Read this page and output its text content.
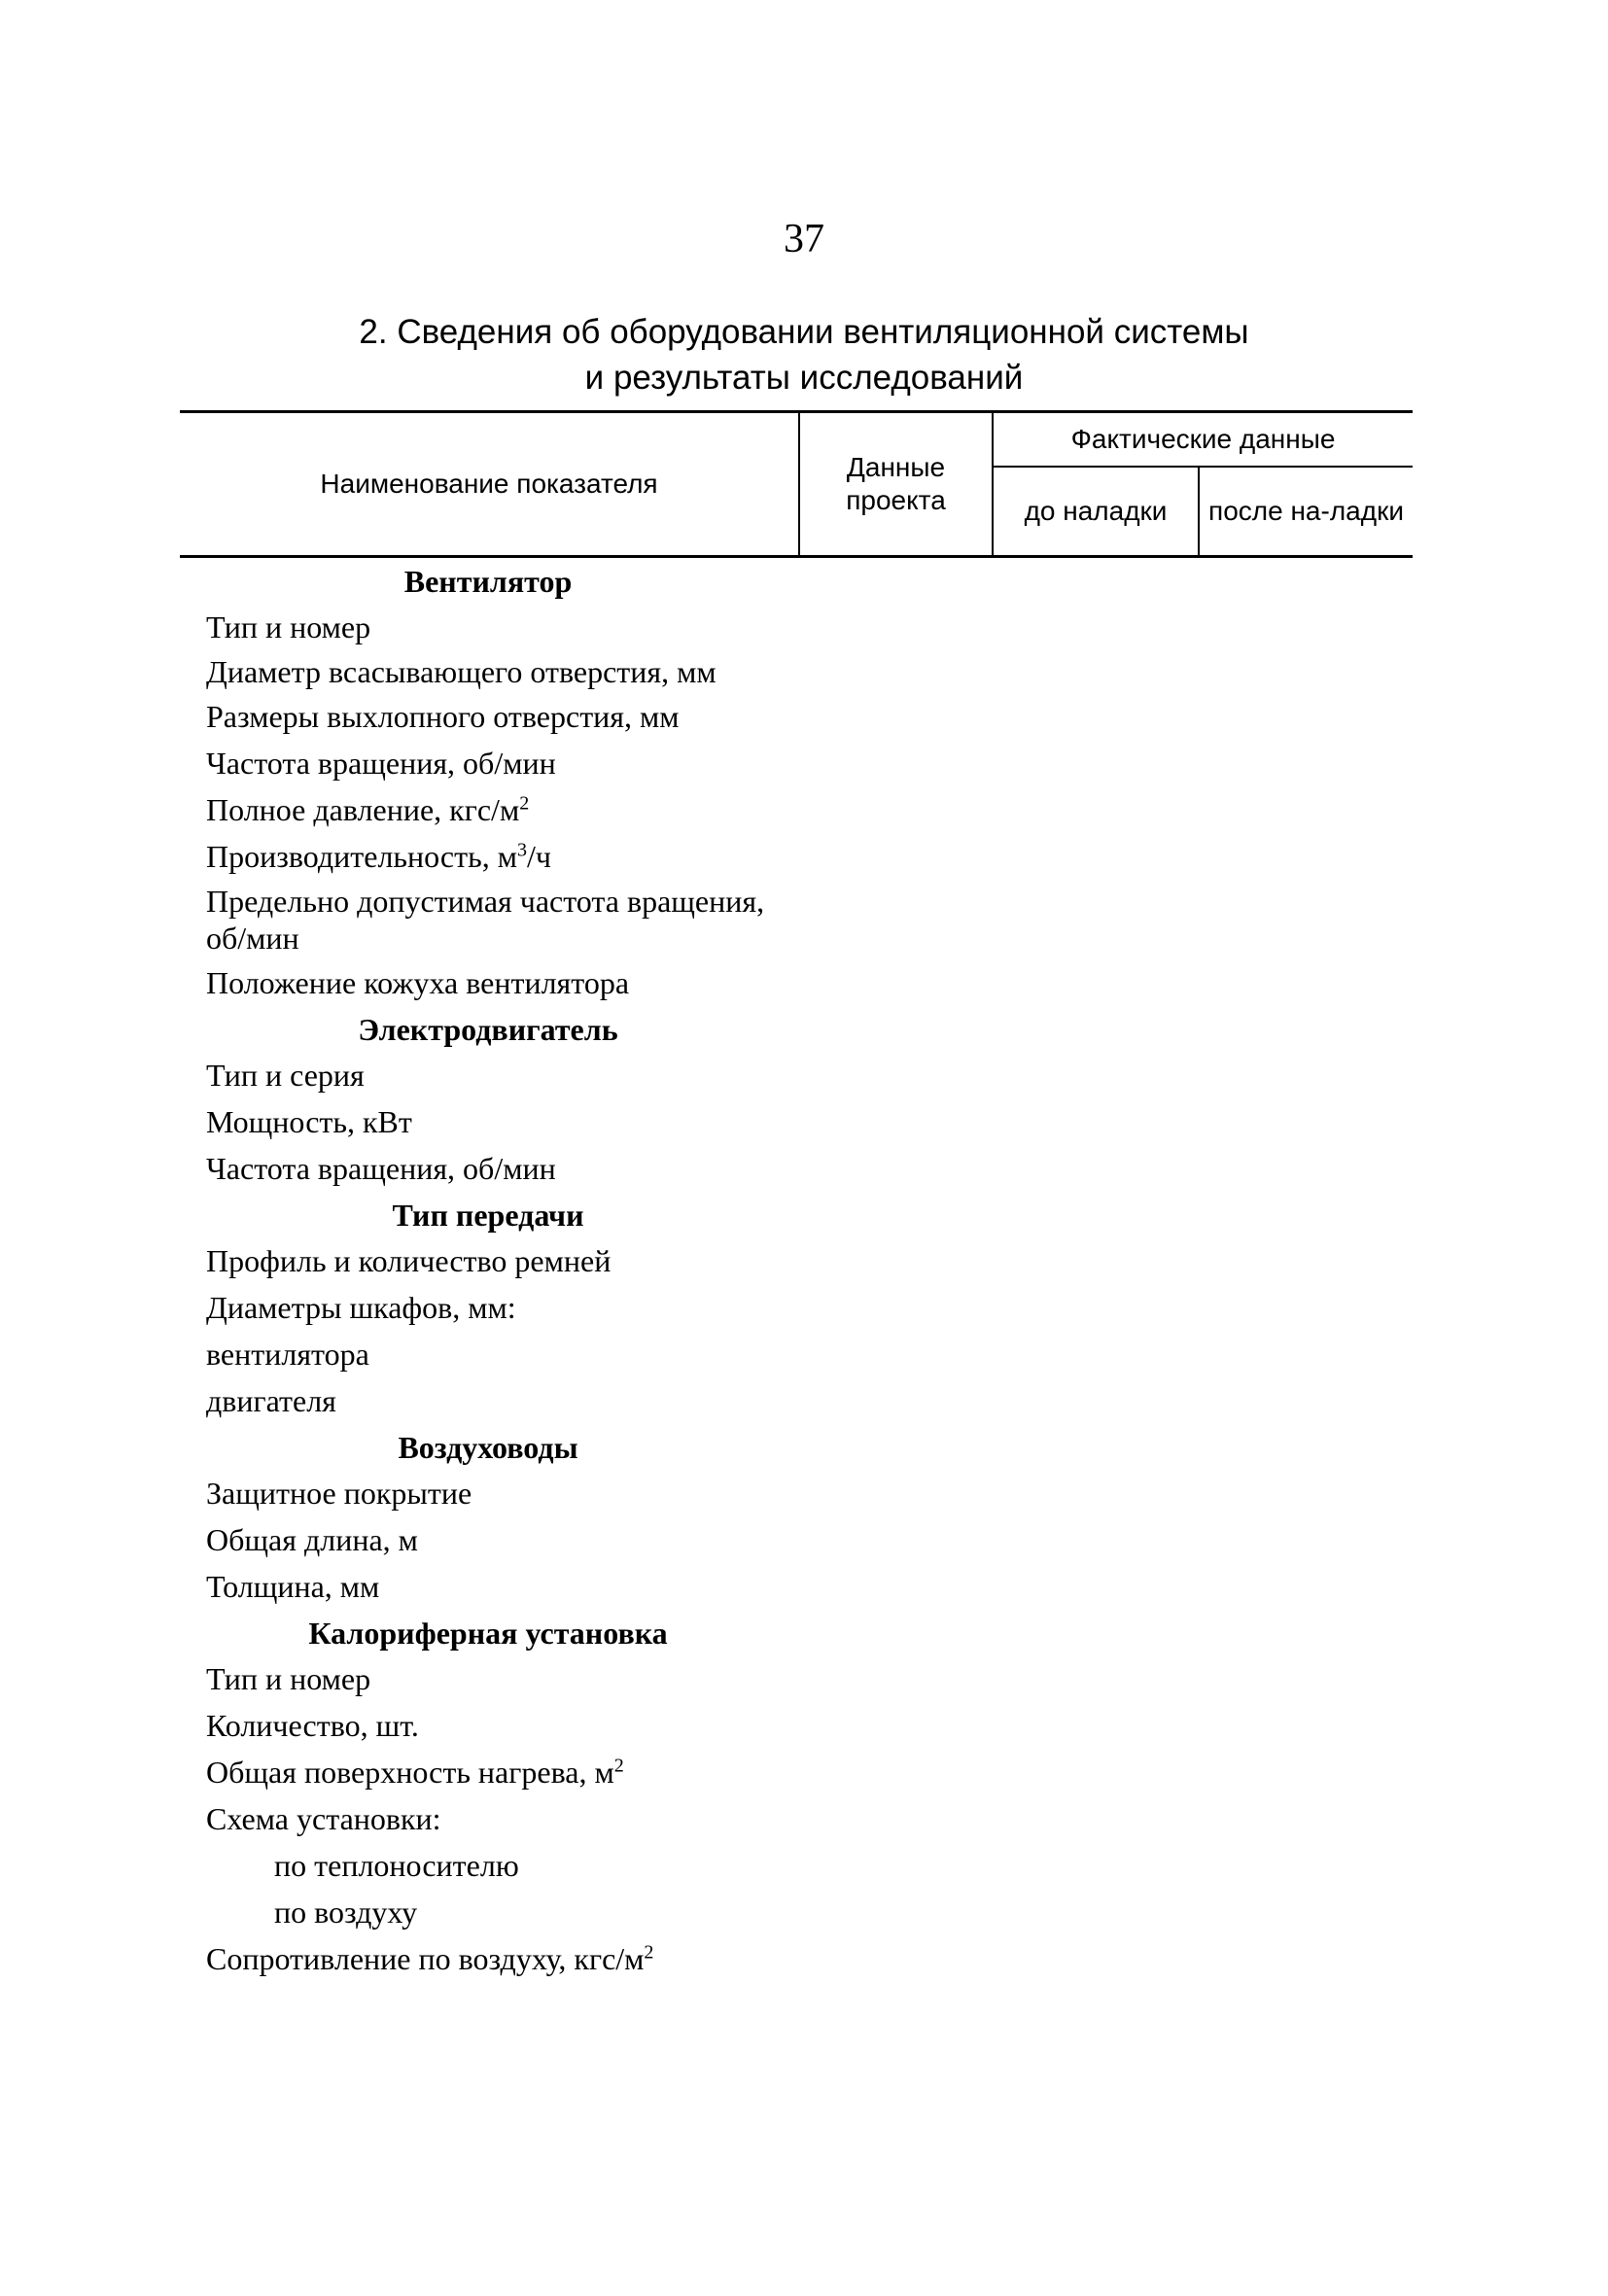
37
2. Сведения об оборудовании вентиляционной системы
и результаты исследований
Наименование показателя	Данные проекта	Фактические данные	
		до наладки	после на-ладки
Вентилятор
Тип и номер
Диаметр всасывающего отверстия, мм
Размеры выхлопного отверстия, мм
Частота вращения, об/мин
Полное давление, кгс/$м^2$
Производительность, $м^3/ч$
Предельно допустимая частота вращения, об/мин
Положение кожуха вентилятора
Электродвигатель
Тип и серия
Мощность, кВт
Частота вращения, об/мин
Тип передачи
Профиль и количество ремней
Диаметры шкафов, мм:
вентилятора
двигателя
Воздуховоды
Защитное покрытие
Общая длина, м
Толщина, мм
Калориферная установка
Тип и номер
Количество, шт.
Общая поверхность нагрева, $м^2$
Схема установки:
по теплоносителю
по воздуху
Сопротивление по воздуху, кгс/$м^2$
